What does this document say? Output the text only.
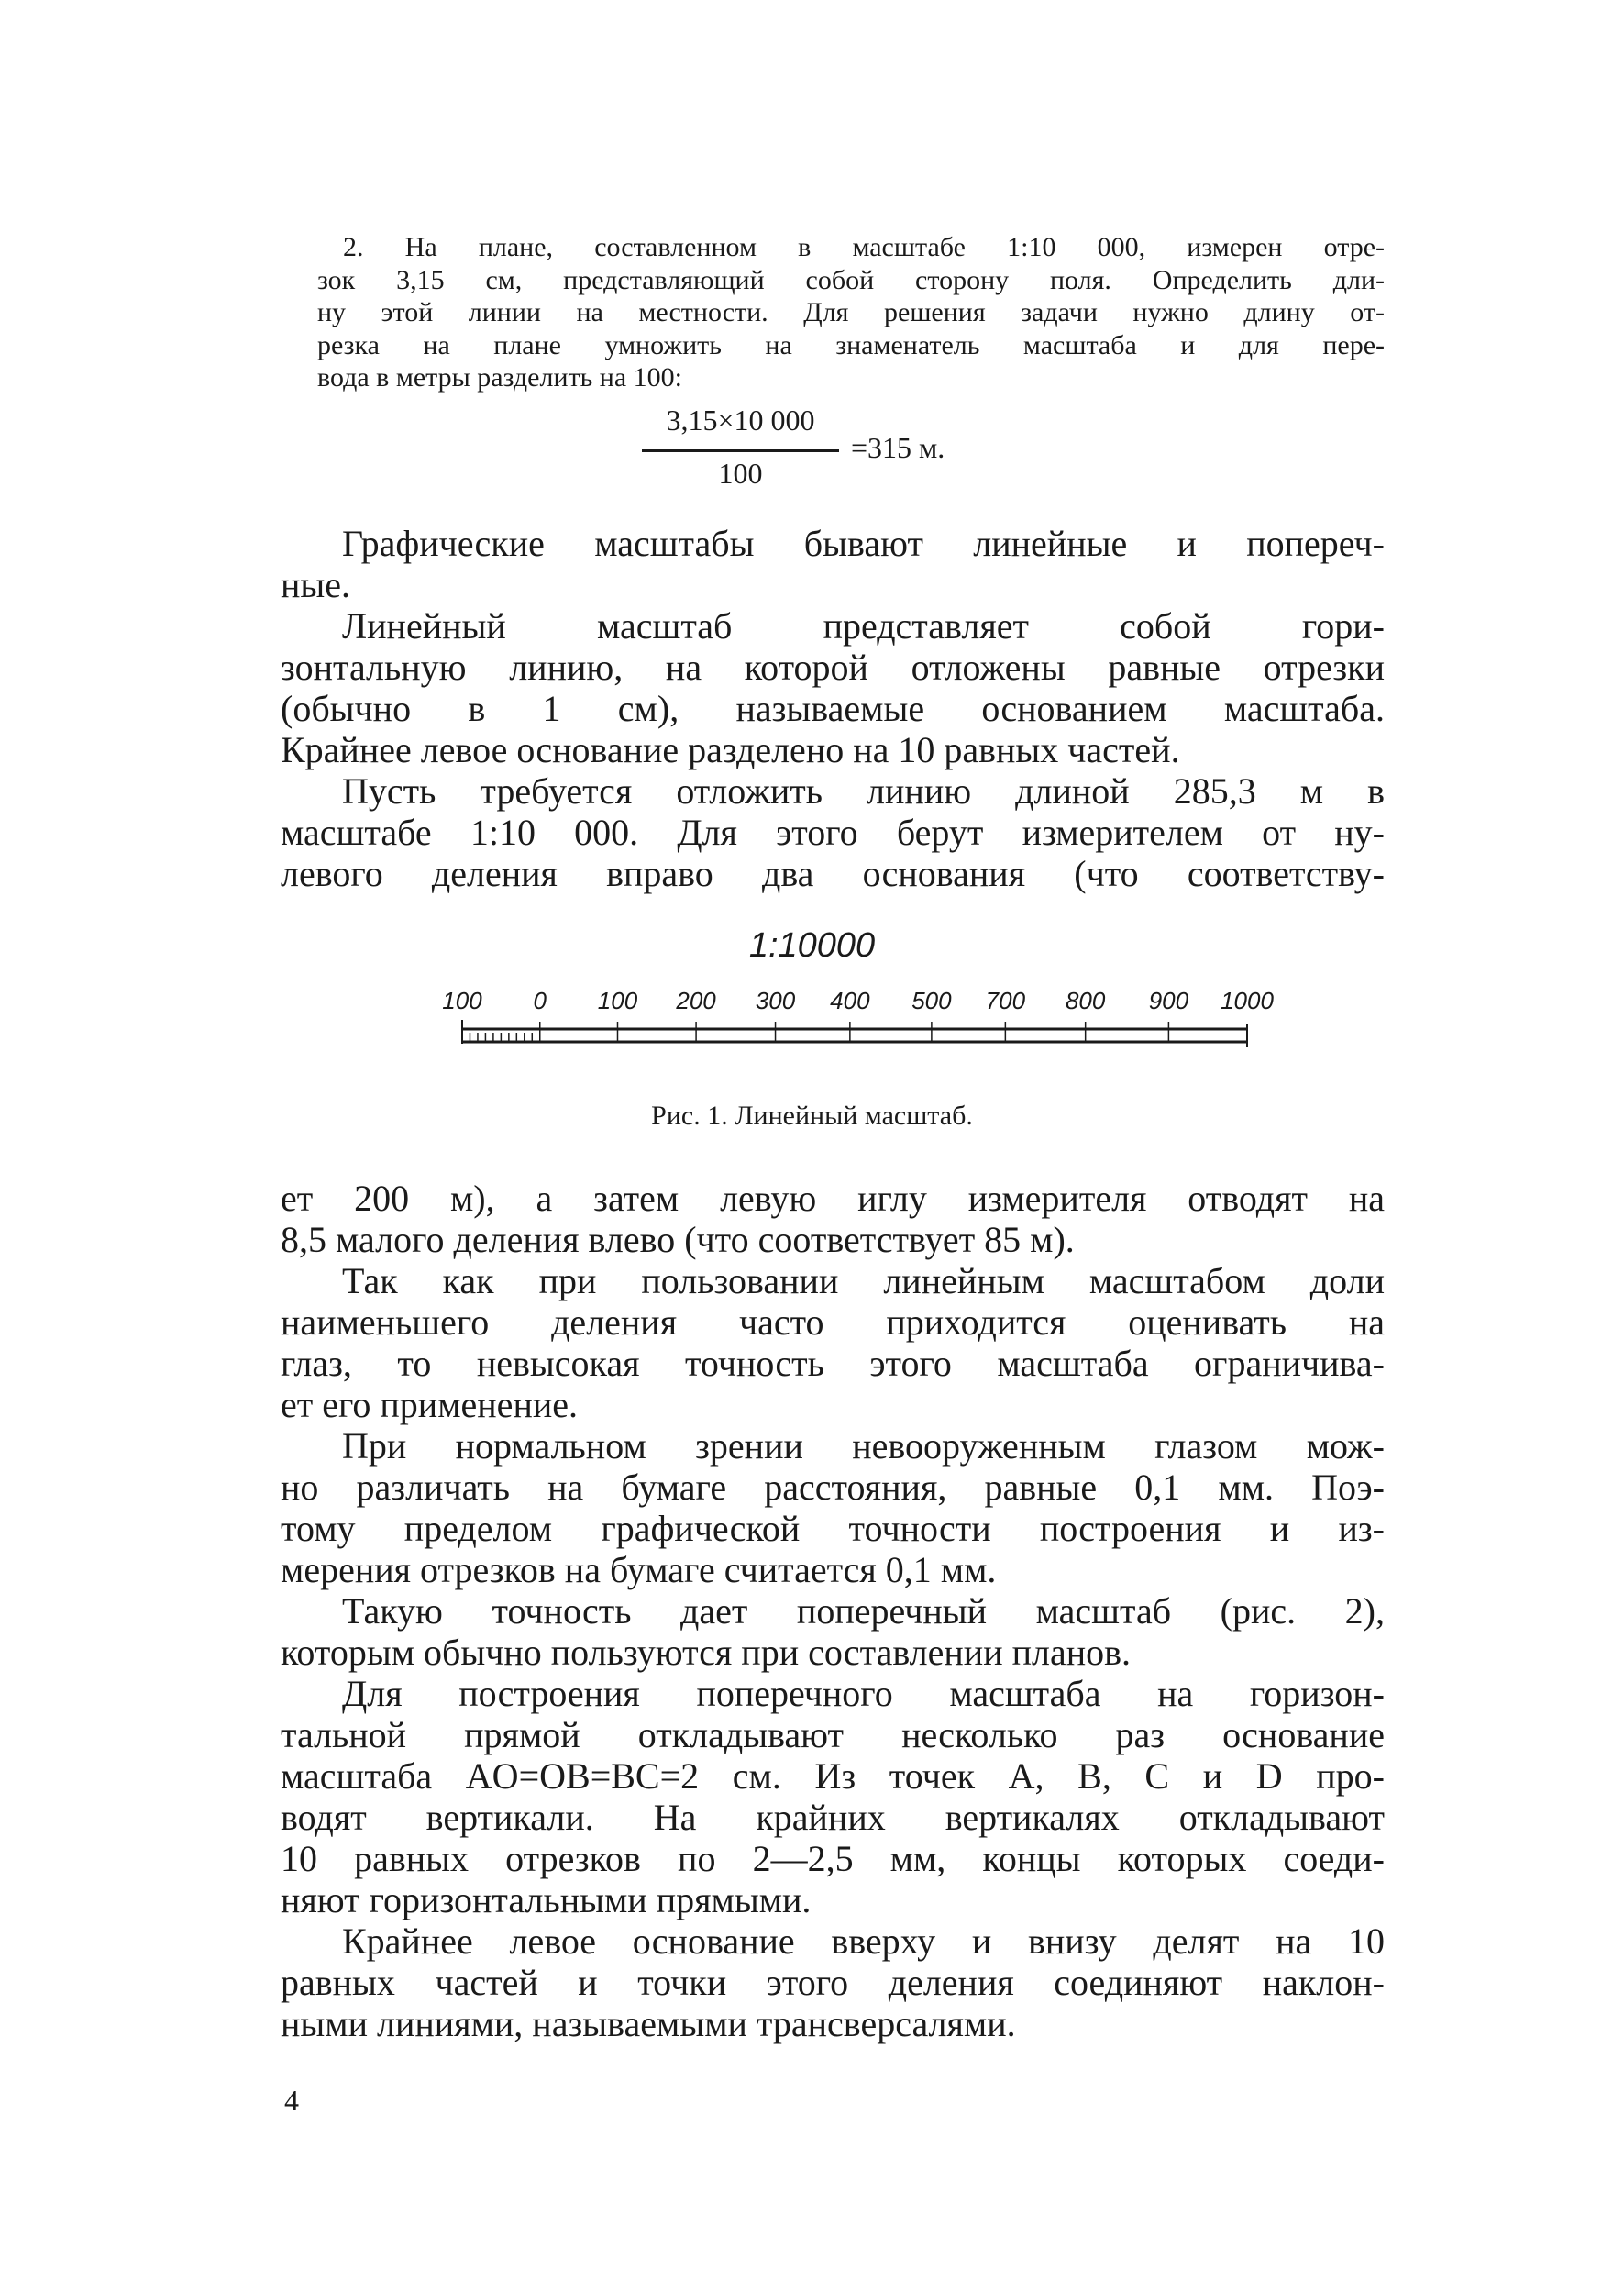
2. На плане, составленном в масштабе 1:10 000, измерен отре-
зок 3,15 см, представляющий собой сторону поля. Определить дли-
ну этой линии на местности. Для решения задачи нужно длину от-
резка на плане умножить на знаменатель масштаба и для пере-
вода в метры разделить на 100:
3,15×10 000
100
=315 м.
Графические масштабы бывают линейные и попереч-
ные.
Линейный масштаб представляет собой гори-
зонтальную линию, на которой отложены равные отрезки
(обычно в 1 см), называемые основанием масштаба.
Крайнее левое основание разделено на 10 равных частей.
Пусть требуется отложить линию длиной 285,3 м в
масштабе 1:10 000. Для этого берут измерителем от ну-
левого деления вправо два основания (что соответству-
1:10000
100 0 100 200 300 400 500 700 800 900 1000
Рис. 1. Линейный масштаб.
ет 200 м), а затем левую иглу измерителя отводят на
8,5 малого деления влево (что соответствует 85 м).
Так как при пользовании линейным масштабом доли
наименьшего деления часто приходится оценивать на
глаз, то невысокая точность этого масштаба ограничива-
ет его применение.
При нормальном зрении невооруженным глазом мож-
но различать на бумаге расстояния, равные 0,1 мм. Поэ-
тому пределом графической точности построения и из-
мерения отрезков на бумаге считается 0,1 мм.
Такую точность дает поперечный масштаб (рис. 2),
которым обычно пользуются при составлении планов.
Для построения поперечного масштаба на горизон-
тальной прямой откладывают несколько раз основание
масштаба AO=OB=BC=2 см. Из точек A, B, C и D про-
водят вертикали. На крайних вертикалях откладывают
10 равных отрезков по 2—2,5 мм, концы которых соеди-
няют горизонтальными прямыми.
Крайнее левое основание вверху и внизу делят на 10
равных частей и точки этого деления соединяют наклон-
ными линиями, называемыми трансверсалями.
4
